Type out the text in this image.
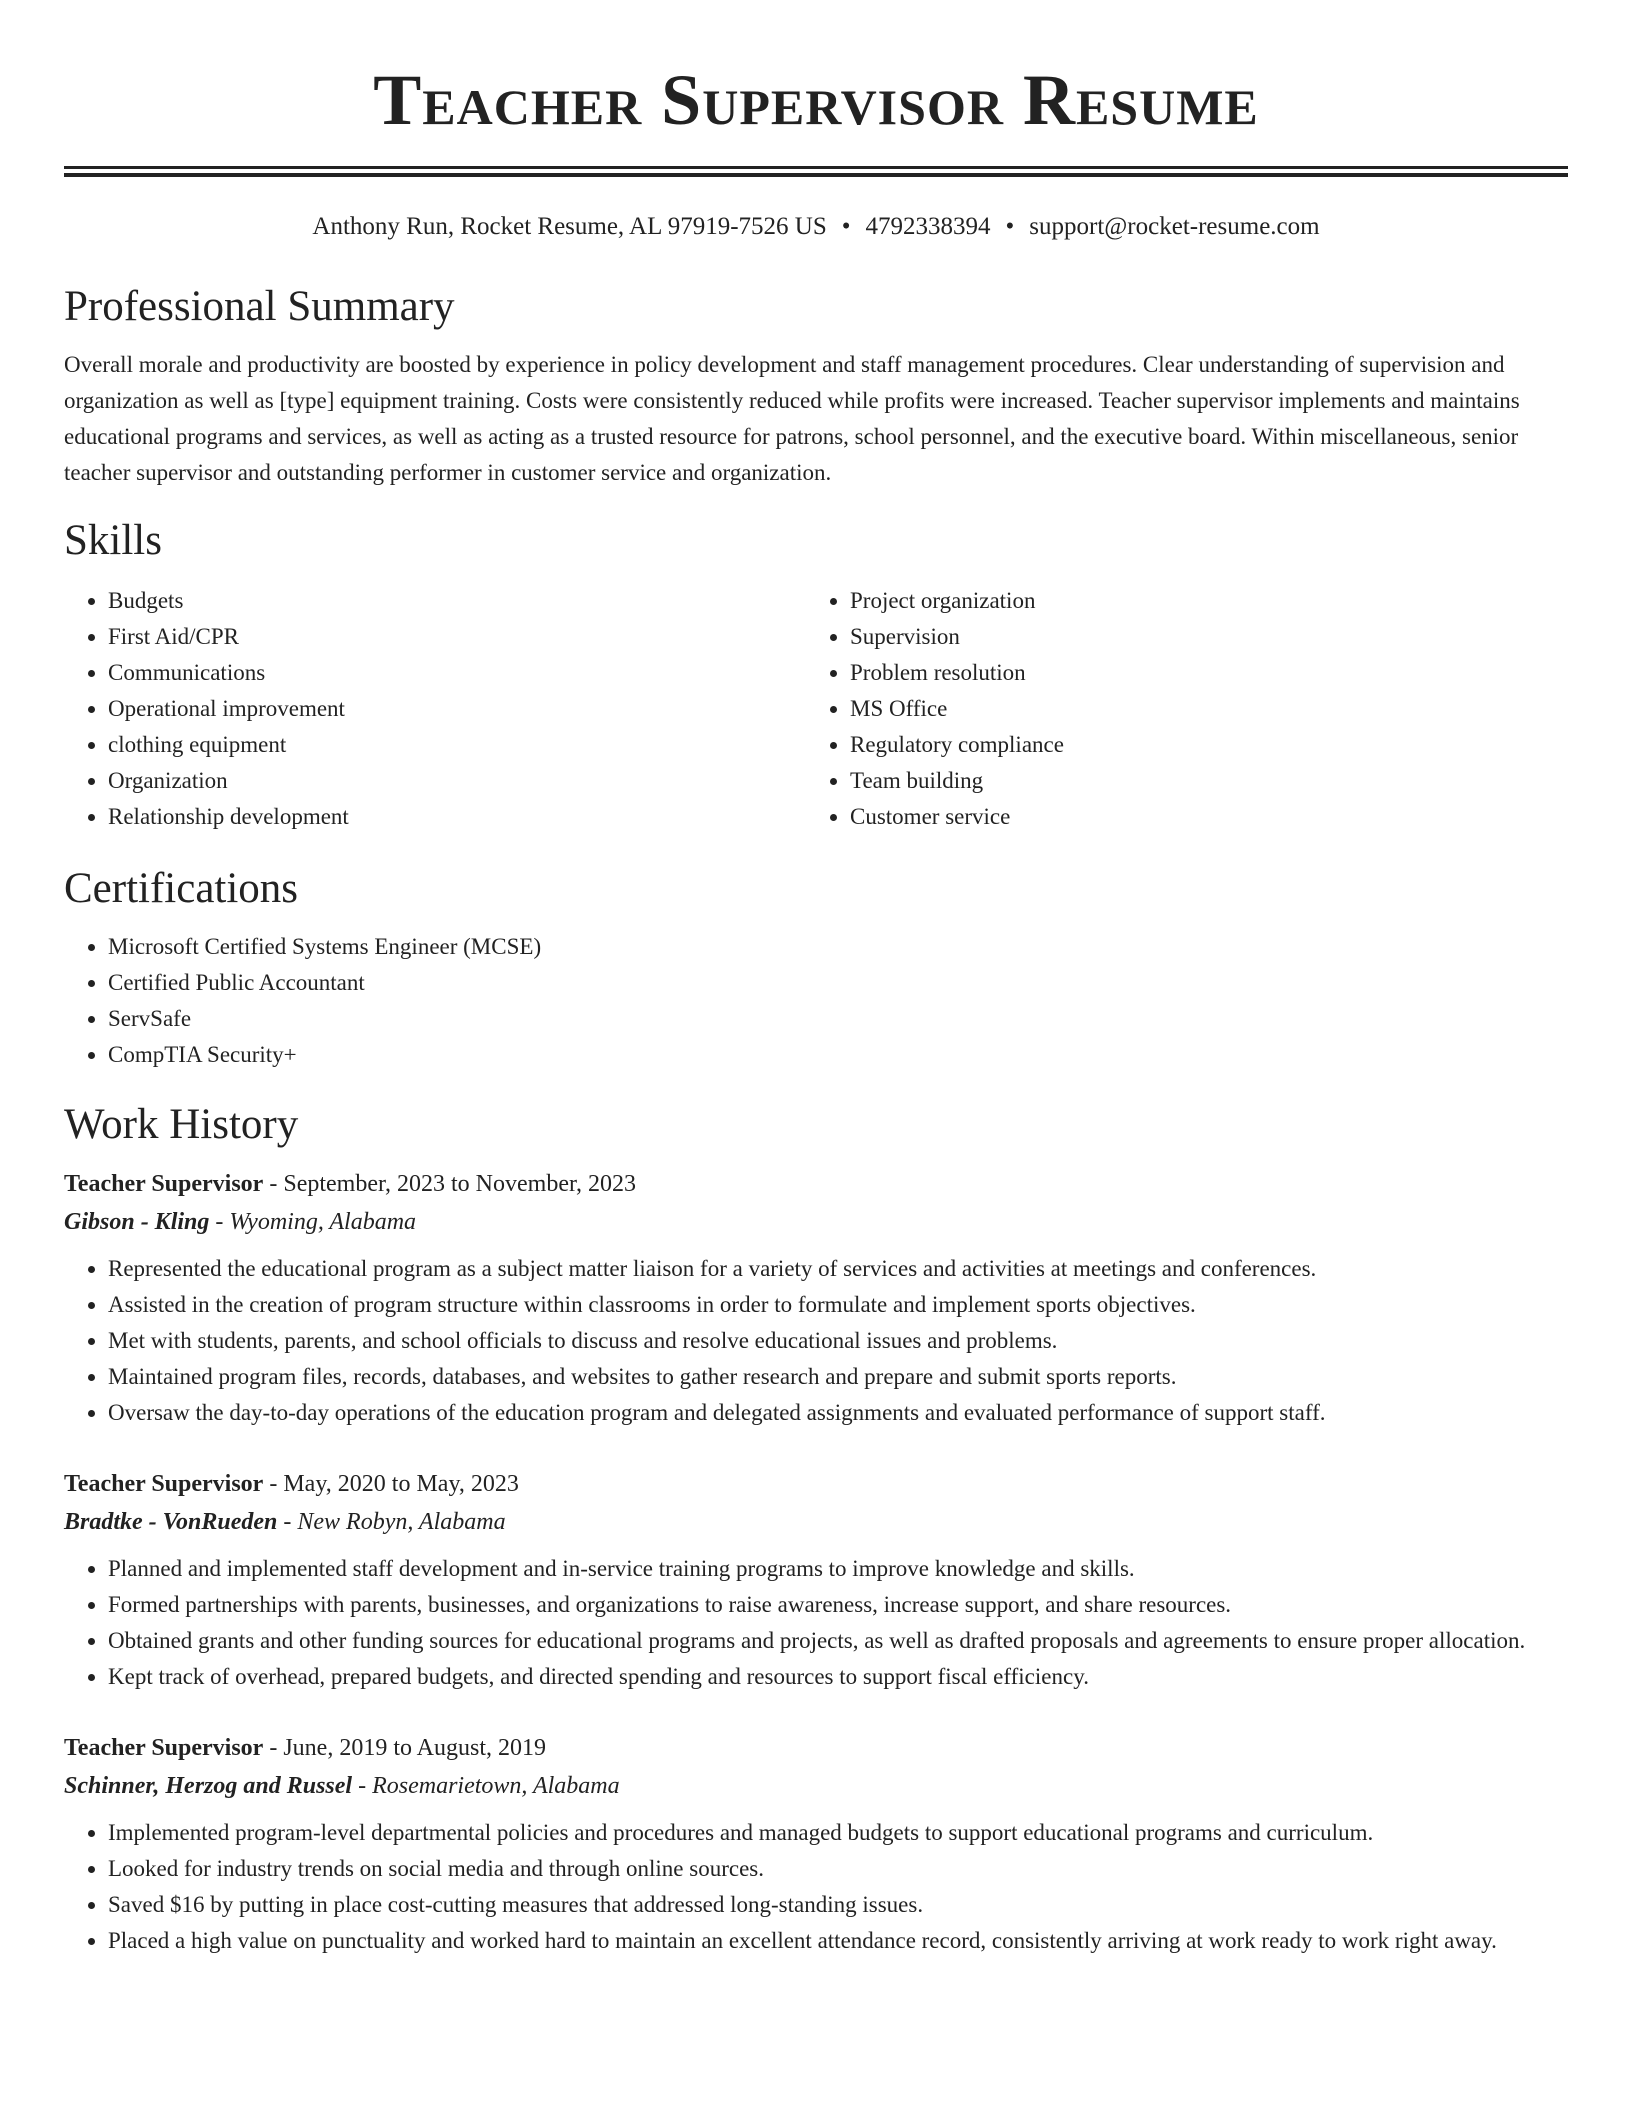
Teacher Supervisor Resume
Anthony Run, Rocket Resume, AL 97919-7526 US • 4792338394 • support@rocket-resume.com
Professional Summary

Overall morale and productivity are boosted by experience in policy development and staff management procedures. Clear understanding of supervision and organization as well as [type] equipment training. Costs were consistently reduced while profits were increased. Teacher supervisor implements and maintains educational programs and services, as well as acting as a trusted resource for patrons, school personnel, and the executive board. Within miscellaneous, senior teacher supervisor and outstanding performer in customer service and organization.

Skills
• Budgets
• First Aid/CPR
• Communications
• Operational improvement
• clothing equipment
• Organization
• Relationship development
• Project organization
• Supervision
• Problem resolution
• MS Office
• Regulatory compliance
• Team building
• Customer service
Certifications
• Microsoft Certified Systems Engineer (MCSE)
• Certified Public Accountant
• ServSafe
• CompTIA Security+
Work History
Teacher Supervisor - September, 2023 to November, 2023
Gibson - Kling - Wyoming, Alabama
• Represented the educational program as a subject matter liaison for a variety of services and activities at meetings and conferences.
• Assisted in the creation of program structure within classrooms in order to formulate and implement sports objectives.
• Met with students, parents, and school officials to discuss and resolve educational issues and problems.
• Maintained program files, records, databases, and websites to gather research and prepare and submit sports reports.
• Oversaw the day-to-day operations of the education program and delegated assignments and evaluated performance of support staff.
Teacher Supervisor - May, 2020 to May, 2023
Bradtke - VonRueden - New Robyn, Alabama
• Planned and implemented staff development and in-service training programs to improve knowledge and skills.
• Formed partnerships with parents, businesses, and organizations to raise awareness, increase support, and share resources.
• Obtained grants and other funding sources for educational programs and projects, as well as drafted proposals and agreements to ensure proper allocation.
• Kept track of overhead, prepared budgets, and directed spending and resources to support fiscal efficiency.
Teacher Supervisor - June, 2019 to August, 2019
Schinner, Herzog and Russel - Rosemarietown, Alabama
• Implemented program-level departmental policies and procedures and managed budgets to support educational programs and curriculum.
• Looked for industry trends on social media and through online sources.
• Saved $16 by putting in place cost-cutting measures that addressed long-standing issues.
• Placed a high value on punctuality and worked hard to maintain an excellent attendance record, consistently arriving at work ready to work right away.
